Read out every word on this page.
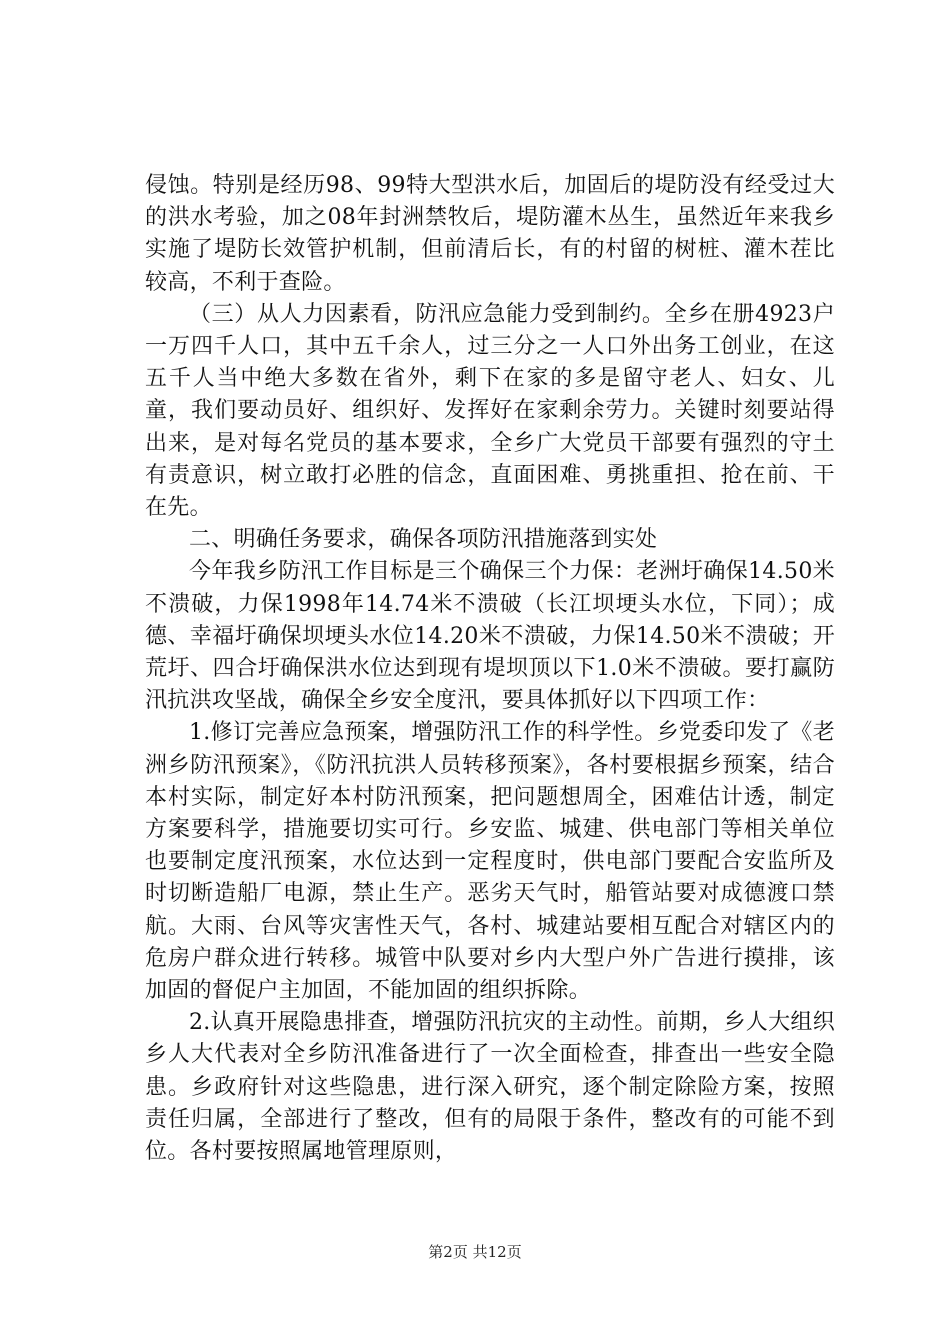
侵蚀。特别是经历98、99特大型洪水后，加固后的堤防没有经受过大的洪水考验，加之08年封洲禁牧后，堤防灌木丛生，虽然近年来我乡实施了堤防长效管护机制，但前清后长，有的村留的树桩、灌木茬比较高，不利于查险。

（三）从人力因素看，防汛应急能力受到制约。全乡在册4923户一万四千人口，其中五千余人，过三分之一人口外出务工创业，在这五千人当中绝大多数在省外，剩下在家的多是留守老人、妇女、儿童，我们要动员好、组织好、发挥好在家剩余劳力。关键时刻要站得出来，是对每名党员的基本要求，全乡广大党员干部要有强烈的守土有责意识，树立敢打必胜的信念，直面困难、勇挑重担、抢在前、干在先。

二、明确任务要求，确保各项防汛措施落到实处

今年我乡防汛工作目标是三个确保三个力保：老洲圩确保14.50米不溃破，力保1998年14.74米不溃破（长江坝埂头水位，下同）；成德、幸福圩确保坝埂头水位14.20米不溃破，力保14.50米不溃破；开荒圩、四合圩确保洪水位达到现有堤坝顶以下1.0米不溃破。要打赢防汛抗洪攻坚战，确保全乡安全度汛，要具体抓好以下四项工作：

1.修订完善应急预案，增强防汛工作的科学性。乡党委印发了《老洲乡防汛预案》，《防汛抗洪人员转移预案》，各村要根据乡预案，结合本村实际，制定好本村防汛预案，把问题想周全，困难估计透，制定方案要科学，措施要切实可行。乡安监、城建、供电部门等相关单位也要制定度汛预案，水位达到一定程度时，供电部门要配合安监所及时切断造船厂电源，禁止生产。恶劣天气时，船管站要对成德渡口禁航。大雨、台风等灾害性天气，各村、城建站要相互配合对辖区内的危房户群众进行转移。城管中队要对乡内大型户外广告进行摸排，该加固的督促户主加固，不能加固的组织拆除。

2.认真开展隐患排查，增强防汛抗灾的主动性。前期，乡人大组织乡人大代表对全乡防汛准备进行了一次全面检查，排查出一些安全隐患。乡政府针对这些隐患，进行深入研究，逐个制定除险方案，按照责任归属，全部进行了整改，但有的局限于条件，整改有的可能不到位。各村要按照属地管理原则，

第2页 共12页
